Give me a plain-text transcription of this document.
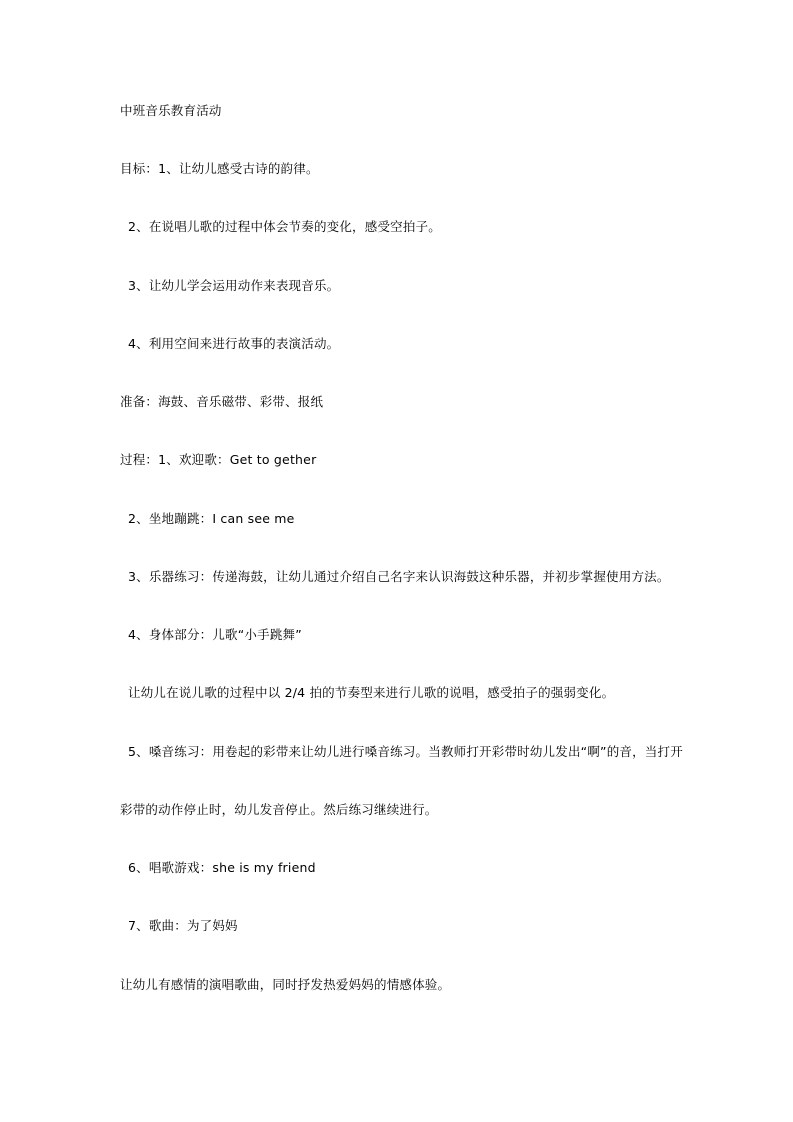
中班音乐教育活动
目标：1、让幼儿感受古诗的韵律。
2、在说唱儿歌的过程中体会节奏的变化，感受空拍子。
3、让幼儿学会运用动作来表现音乐。
4、利用空间来进行故事的表演活动。
准备：海鼓、音乐磁带、彩带、报纸
过程：1、欢迎歌：Get to gether
2、坐地蹦跳：I can see me
3、乐器练习：传递海鼓，让幼儿通过介绍自己名字来认识海鼓这种乐器，并初步掌握使用方法。
4、身体部分：儿歌“小手跳舞”
让幼儿在说儿歌的过程中以 2/4 拍的节奏型来进行儿歌的说唱，感受拍子的强弱变化。
5、嗓音练习：用卷起的彩带来让幼儿进行嗓音练习。当教师打开彩带时幼儿发出“啊”的音，当打开
彩带的动作停止时，幼儿发音停止。然后练习继续进行。
6、唱歌游戏：she is my friend
7、歌曲：为了妈妈
让幼儿有感情的演唱歌曲，同时抒发热爱妈妈的情感体验。
